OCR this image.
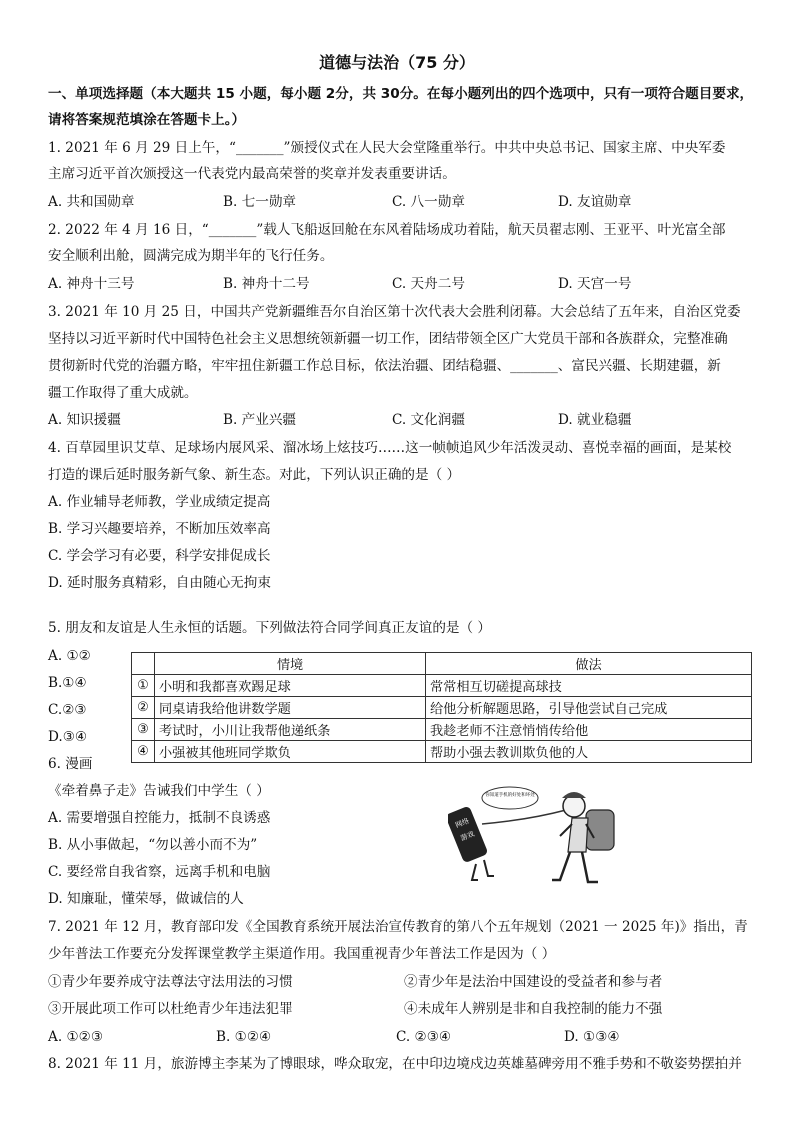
道德与法治（75 分）
一、单项选择题（本大题共 15 小题，每小题 2分，共 30分。在每小题列出的四个选项中，只有一项符合题目要求，
请将答案规范填涂在答题卡上。）
1. 2021 年 6 月 29 日上午，“_______”颁授仪式在人民大会堂隆重举行。中共中央总书记、国家主席、中央军委
主席习近平首次颁授这一代表党内最高荣誉的奖章并发表重要讲话。
A. 共和国勋章	B. 七一勋章	C. 八一勋章	D. 友谊勋章
2. 2022 年 4 月 16 日，“_______”载人飞船返回舱在东风着陆场成功着陆，航天员翟志刚、王亚平、叶光富全部
安全顺利出舱，圆满完成为期半年的飞行任务。
A. 神舟十三号	B. 神舟十二号	C. 天舟二号	D. 天宫一号
3. 2021 年 10 月 25 日，中国共产党新疆维吾尔自治区第十次代表大会胜利闭幕。大会总结了五年来，自治区党委
坚持以习近平新时代中国特色社会主义思想统领新疆一切工作，团结带领全区广大党员干部和各族群众，完整准确
贯彻新时代党的治疆方略，牢牢扭住新疆工作总目标，依法治疆、团结稳疆、_______、富民兴疆、长期建疆，新
疆工作取得了重大成就。
A. 知识援疆	B. 产业兴疆	C. 文化润疆	D. 就业稳疆
4. 百草园里识艾草、足球场内展风采、溜冰场上炫技巧……这一帧帧追风少年活泼灵动、喜悦幸福的画面，是某校
打造的课后延时服务新气象、新生态。对此，下列认识正确的是（ ）
A. 作业辅导老师教，学业成绩定提高
B. 学习兴趣要培养，不断加压效率高
C. 学会学习有必要，科学安排促成长
D. 延时服务真精彩，自由随心无拘束
5. 朋友和友谊是人生永恒的话题。下列做法符合同学间真正友谊的是（ ）
A. ①②
B.①④
C.②③
D.③④
	情境	做法
①	小明和我都喜欢踢足球	常常相互切磋提高球技
②	同桌请我给他讲数学题	给他分析解题思路，引导他尝试自己完成
③	考试时，小川让我帮他递纸条	我趁老师不注意悄悄传给他
④	小强被其他班同学欺负	帮助小强去教训欺负他的人
6. 漫画
《牵着鼻子走》告诫我们中学生（ ）
A. 需要增强自控能力，抵制不良诱惑
B. 从小事做起，“勿以善小而不为”
C. 要经常自我省察，远离手机和电脑
D. 知廉耻，懂荣辱，做诚信的人
网络
游戏
你知道手机的好处和坏处
7. 2021 年 12 月，教育部印发《全国教育系统开展法治宣传教育的第八个五年规划（2021 一 2025 年)》指出，青
少年普法工作要充分发挥课堂教学主渠道作用。我国重视青少年普法工作是因为（ ）
①青少年要养成守法尊法守法用法的习惯	②青少年是法治中国建设的受益者和参与者
③开展此项工作可以杜绝青少年违法犯罪	④未成年人辨别是非和自我控制的能力不强
A. ①②③	B. ①②④	C. ②③④	D. ①③④
8. 2021 年 11 月，旅游博主李某为了博眼球，哗众取宠，在中印边境戍边英雄墓碑旁用不雅手势和不敬姿势摆拍并
